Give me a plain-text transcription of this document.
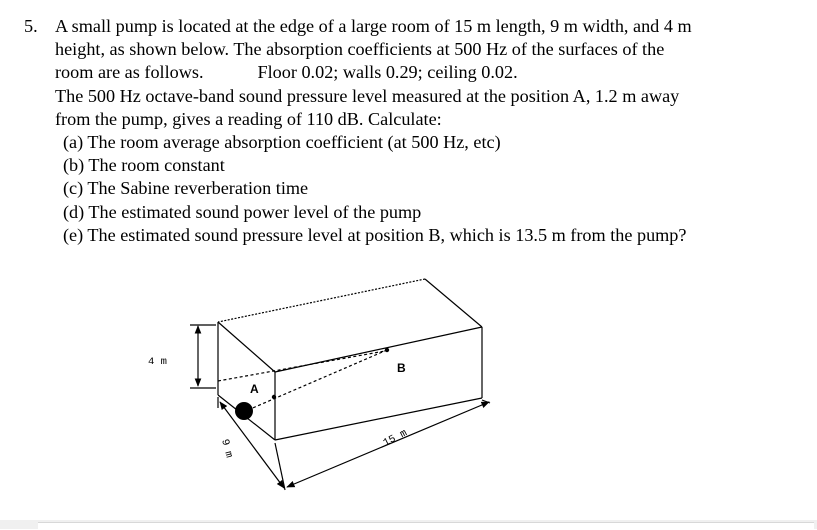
5. A small pump is located at the edge of a large room of 15 m length, 9 m width, and 4 m
height, as shown below. The absorption coefficients at 500 Hz of the surfaces of the
room are as follows.	Floor 0.02; walls 0.29; ceiling 0.02.
The 500 Hz octave-band sound pressure level measured at the position A, 1.2 m away
from the pump, gives a reading of 110 dB. Calculate:
(a) The room average absorption coefficient (at 500 Hz, etc)
(b) The room constant
(c) The Sabine reverberation time
(d) The estimated sound power level of the pump
(e) The estimated sound pressure level at position B, which is 13.5 m from the pump?
A
B
4 m
9 m	15 m
